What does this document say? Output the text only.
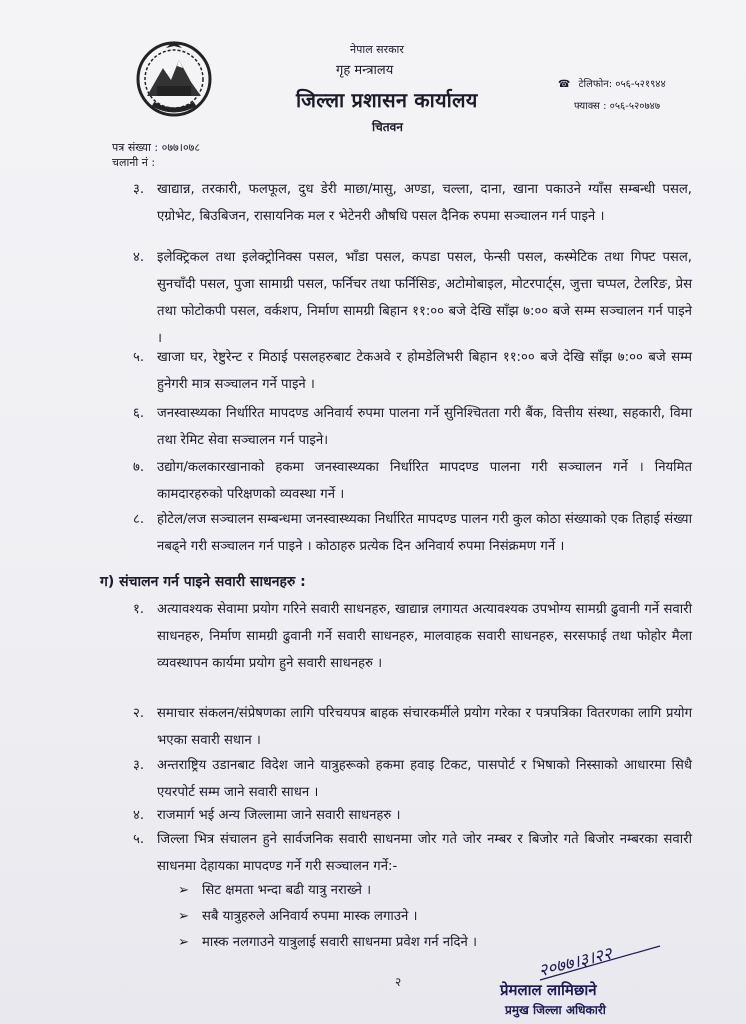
नेपाल सरकार
गृह मन्त्रालय
जिल्ला प्रशासन कार्यालय
चितवन
☎ टेलिफोन: ०५६-५२१९४४
फ्याक्स : ०५६-५२०७४७
पत्र संख्या : ०७७।०७८
चलानी नं :
३. खाद्यान्न, तरकारी, फलफूल, दुध डेरी माछा/मासु, अण्डा, चल्ला, दाना, खाना पकाउने ग्याँस सम्बन्धी पसल, एग्रोभेट, बिउबिजन, रासायनिक मल र भेटेनरी औषधि पसल दैनिक रुपमा सञ्चालन गर्न पाइने ।
४. इलेक्ट्रिकल तथा इलेक्ट्रोनिक्स पसल, भाँडा पसल, कपडा पसल, फेन्सी पसल, कस्मेटिक तथा गिफ्ट पसल, सुनचाँदी पसल, पुजा सामाग्री पसल, फर्निचर तथा फर्निसिङ, अटोमोबाइल, मोटरपार्ट्स, जुत्ता चप्पल, टेलरिङ, प्रेस तथा फोटोकपी पसल, वर्कशप, निर्माण सामग्री बिहान ११:०० बजे देखि साँझ ७:०० बजे सम्म सञ्चालन गर्न पाइने ।
५. खाजा घर, रेष्टुरेन्ट र मिठाई पसलहरुबाट टेकअवे र होमडेलिभरी बिहान ११:०० बजे देखि साँझ ७:०० बजे सम्म हुनेगरी मात्र सञ्चालन गर्ने पाइने ।
६. जनस्वास्थ्यका निर्धारित मापदण्ड अनिवार्य रुपमा पालना गर्ने सुनिश्चितता गरी बैंक, वित्तीय संस्था, सहकारी, विमा तथा रेमिट सेवा सञ्चालन गर्न पाइने।
७. उद्योग/कलकारखानाको हकमा जनस्वास्थ्यका निर्धारित मापदण्ड पालना गरी सञ्चालन गर्ने । नियमित कामदारहरुको परिक्षणको व्यवस्था गर्ने ।
८. होटेल/लज सञ्चालन सम्बन्धमा जनस्वास्थ्यका निर्धारित मापदण्ड पालन गरी कुल कोठा संख्याको एक तिहाई संख्या नबढ्ने गरी सञ्चालन गर्न पाइने । कोठाहरु प्रत्येक दिन अनिवार्य रुपमा निसंक्रमण गर्ने ।
ग) संचालन गर्न पाइने सवारी साधनहरु :
१. अत्यावश्यक सेवामा प्रयोग गरिने सवारी साधनहरु, खाद्यान्न लगायत अत्यावश्यक उपभोग्य सामग्री ढुवानी गर्ने सवारी साधनहरु, निर्माण सामग्री ढुवानी गर्ने सवारी साधनहरु, मालवाहक सवारी साधनहरु, सरसफाई तथा फोहोर मैला व्यवस्थापन कार्यमा प्रयोग हुने सवारी साधनहरु ।
२. समाचार संकलन/संप्रेषणका लागि परिचयपत्र बाहक संचारकर्मीले प्रयोग गरेका र पत्रपत्रिका वितरणका लागि प्रयोग भएका सवारी सधान ।
३. अन्तराष्ट्रिय उडानबाट विदेश जाने यात्रुहरूको हकमा हवाइ टिकट, पासपोर्ट र भिषाको निस्साको आधारमा सिधै एयरपोर्ट सम्म जाने सवारी साधन ।
४. राजमार्ग भई अन्य जिल्लामा जाने सवारी साधनहरु ।
५. जिल्ला भित्र संचालन हुने सार्वजनिक सवारी साधनमा जोर गते जोर नम्बर र बिजोर गते बिजोर नम्बरका सवारी साधनमा देहायका मापदण्ड गर्ने गरी सञ्चालन गर्ने:-
➢ सिट क्षमता भन्दा बढी यात्रु नराख्ने ।
➢ सबै यात्रुहरुले अनिवार्य रुपमा मास्क लगाउने ।
➢ मास्क नलगाउने यात्रुलाई सवारी साधनमा प्रवेश गर्न नदिने ।
२
२०७७।३।२२
प्रेमलाल लामिछाने
प्रमुख जिल्ला अधिकारी
